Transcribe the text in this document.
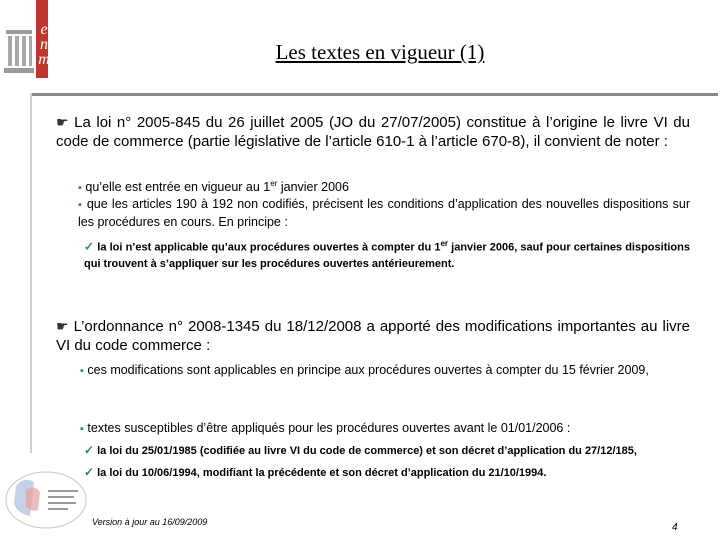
e
n
m	Les textes en vigueur (1)
☛ La loi n° 2005-845 du 26 juillet 2005 (JO du 27/07/2005) constitue à l’origine le livre VI du code de commerce (partie législative de l’article 610-1 à l’article 670-8), il convient de noter :
▪ qu’elle est entrée en vigueur au 1er janvier 2006
▪ que les articles 190 à 192 non codifiés, précisent les conditions d’application des nouvelles dispositions sur les procédures en cours. En principe :
✓ la loi n’est applicable qu’aux procédures ouvertes à compter du 1er janvier 2006, sauf pour certaines dispositions qui trouvent à s’appliquer sur les procédures ouvertes antérieurement.
☛ L’ordonnance n° 2008-1345 du 18/12/2008 a apporté des modifications importantes au livre VI du code commerce :
▪ ces modifications sont applicables en principe aux procédures ouvertes à compter du 15 février 2009,
▪ textes susceptibles d’être appliqués pour les procédures ouvertes avant le 01/01/2006 :
✓ la loi du 25/01/1985 (codifiée au livre VI du code de commerce) et son décret d’application du 27/12/185,
✓ la loi du 10/06/1994, modifiant la précédente et son décret d’application du 21/10/1994.
Version à jour au 16/09/2009	4
